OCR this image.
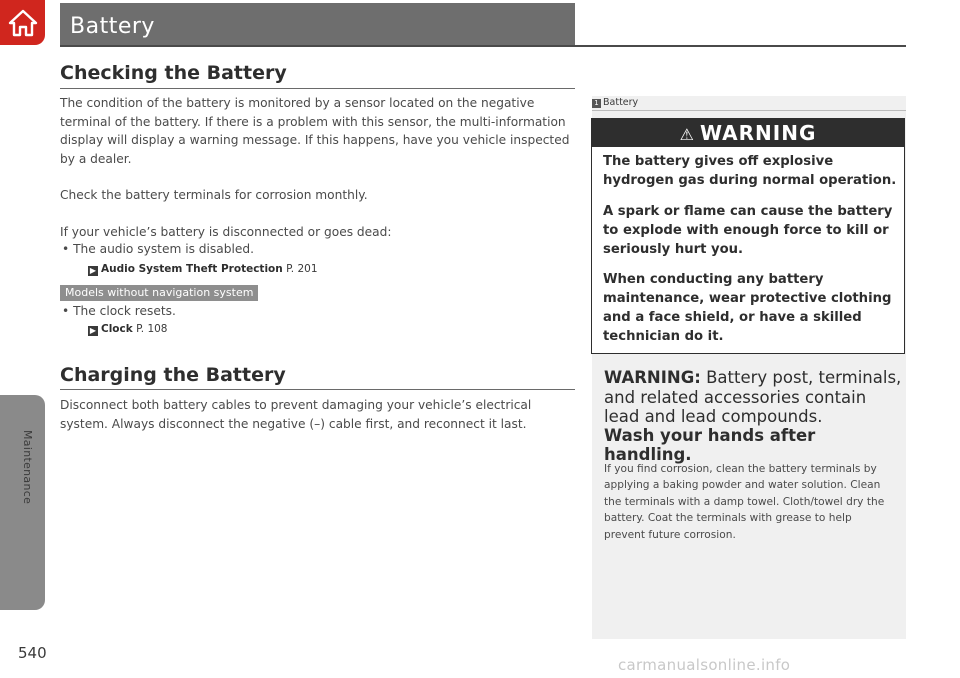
Maintenance
540
Battery
Checking the Battery

The condition of the battery is monitored by a sensor located on the negative terminal of the battery. If there is a problem with this sensor, the multi-information display will display a warning message. If this happens, have you vehicle inspected by a dealer.

Check the battery terminals for corrosion monthly.

If your vehicle’s battery is disconnected or goes dead:

• The audio system is disabled.
▶ Audio System Theft Protection P. 201
Models without navigation system
• The clock resets.
▶ Clock P. 108
Charging the Battery

Disconnect both battery cables to prevent damaging your vehicle’s electrical system. Always disconnect the negative (–) cable first, and reconnect it last.

1 Battery
⚠ WARNING
The battery gives off explosive hydrogen gas during normal operation.
A spark or flame can cause the battery to explode with enough force to kill or seriously hurt you.
When conducting any battery maintenance, wear protective clothing and a face shield, or have a skilled technician do it.
WARNING: Battery post, terminals, and related accessories contain lead and lead compounds.
Wash your hands after handling.
If you find corrosion, clean the battery terminals by applying a baking powder and water solution. Clean the terminals with a damp towel. Cloth/towel dry the battery. Coat the terminals with grease to help prevent future corrosion.
carmanualsonline.info
